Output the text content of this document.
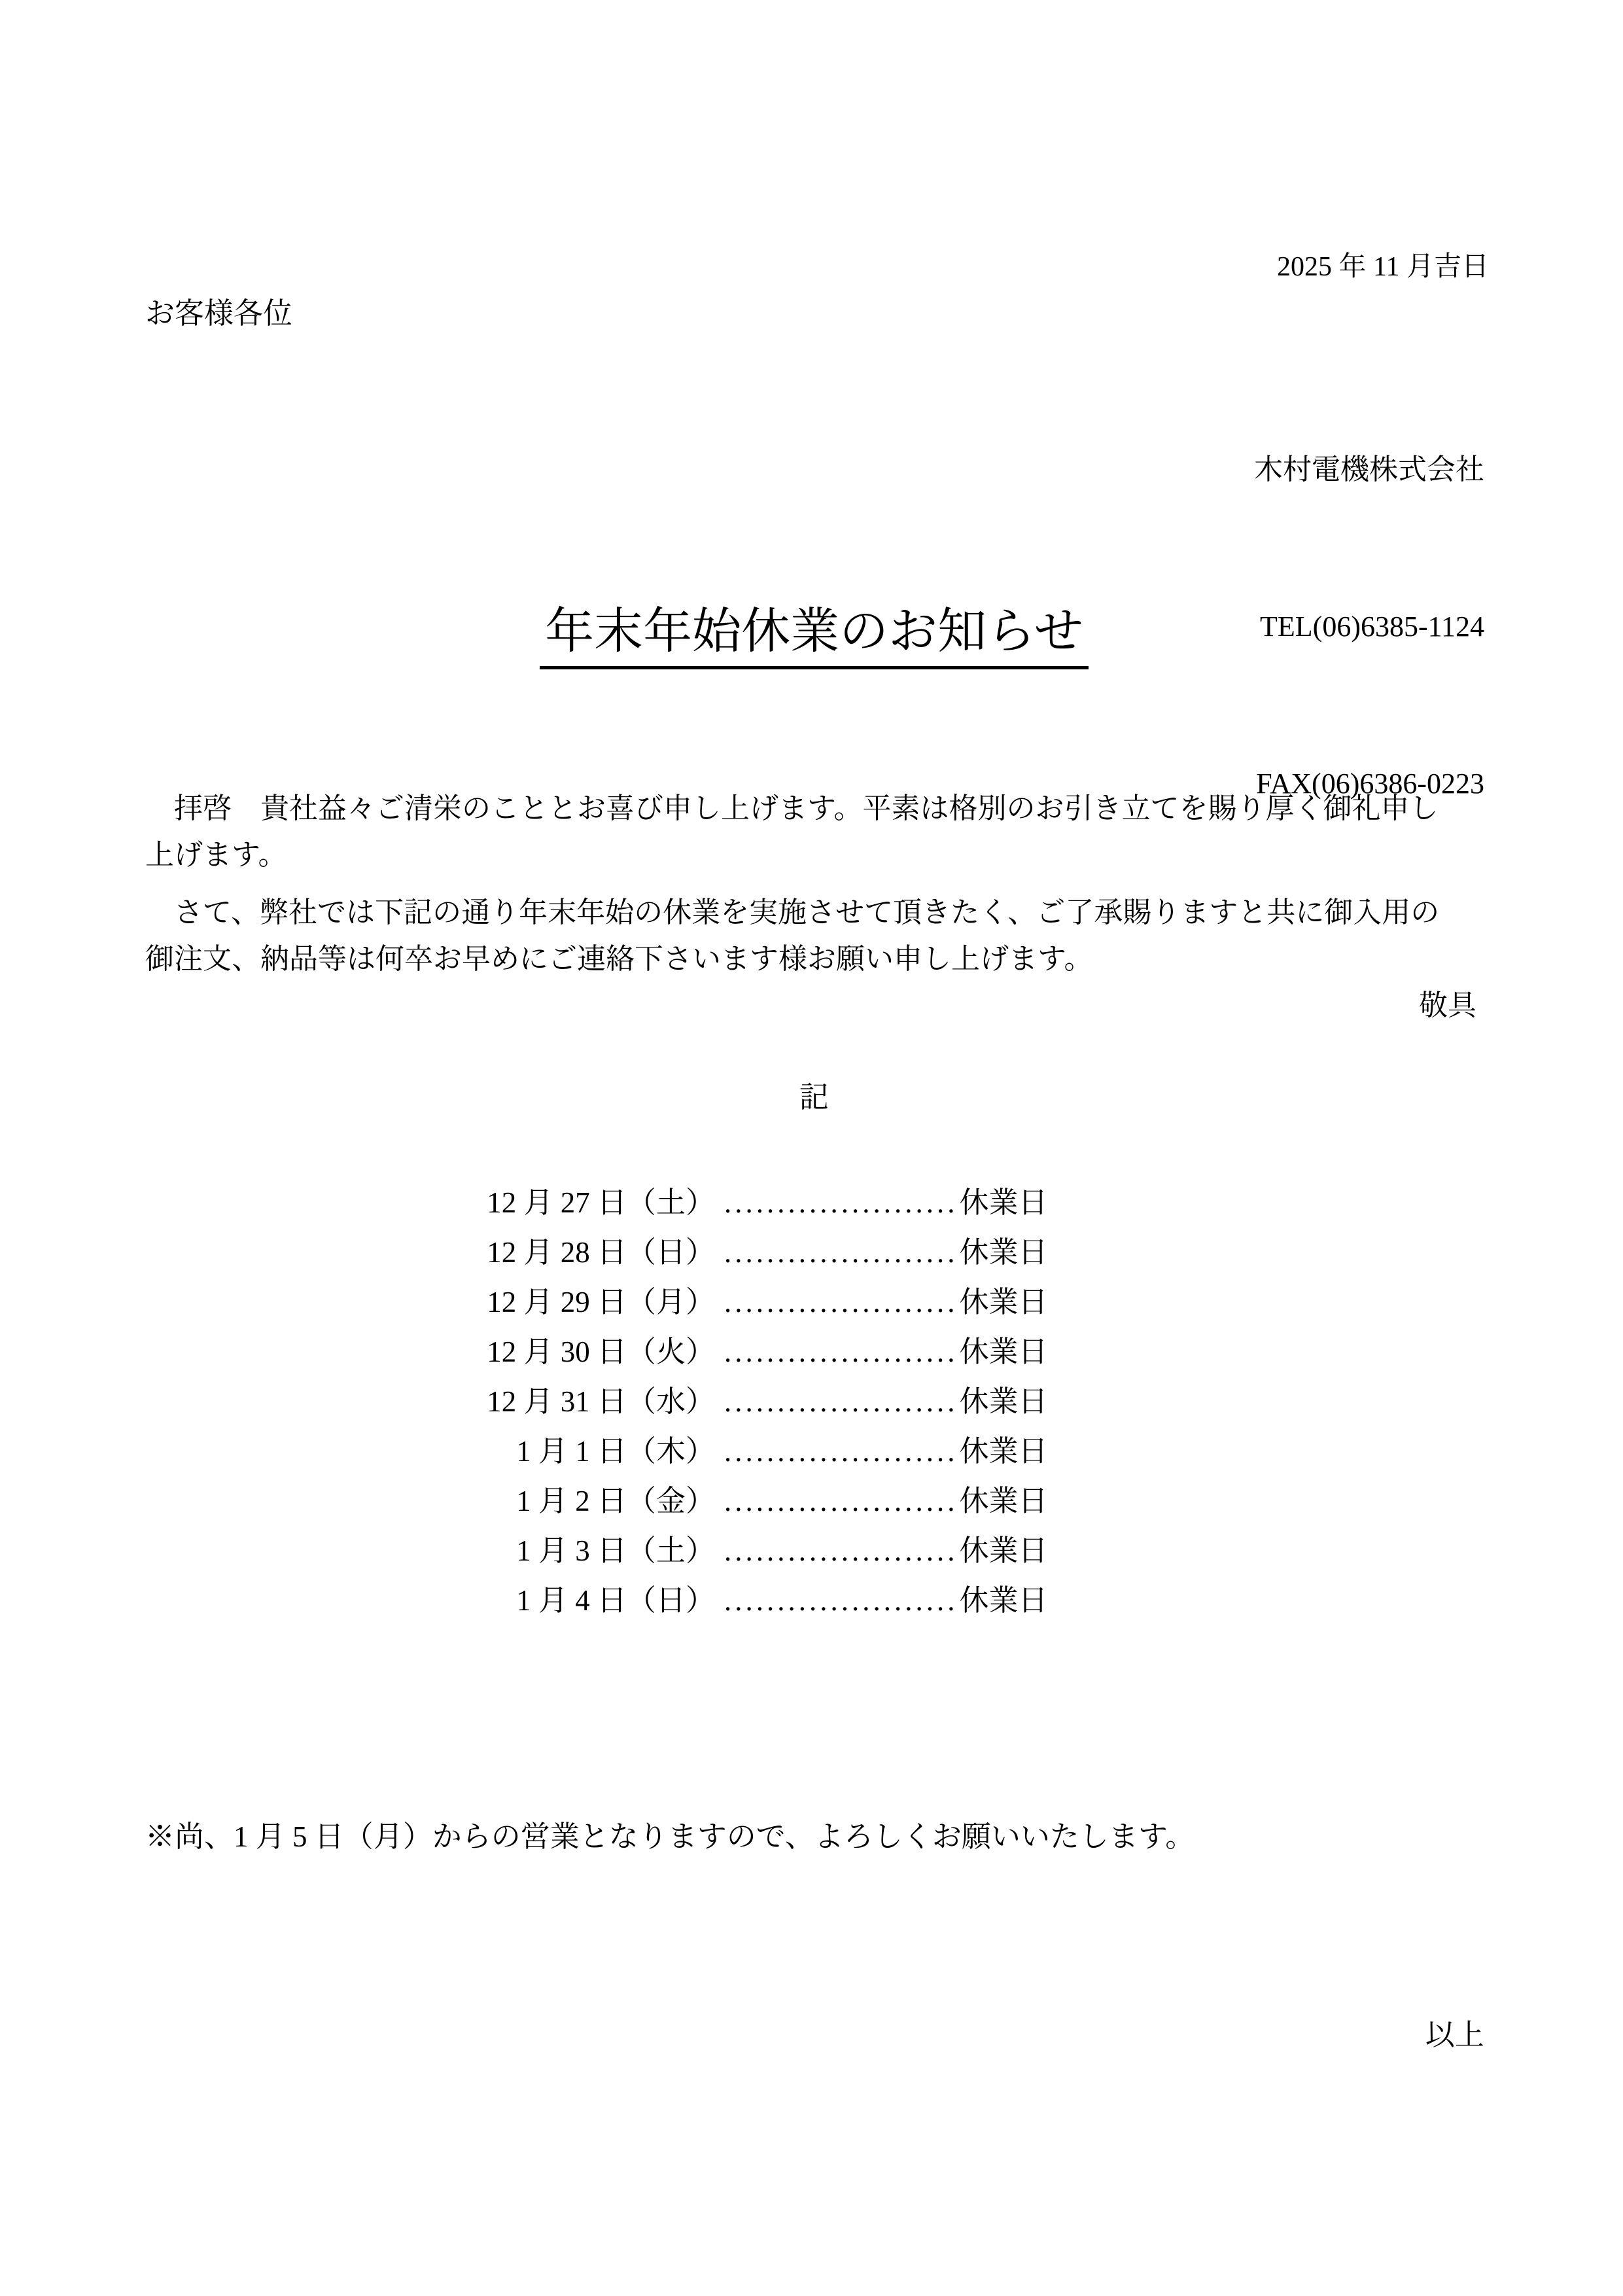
2025 年 11 月吉日
お客様各位

木村電機株式会社

TEL(06)6385-1124

FAX(06)6386-0223

年末年始休業のお知らせ
　拝啓　貴社益々ご清栄のこととお喜び申し上げます。平素は格別のお引き立てを賜り厚く御礼申し
上げます。
　さて、弊社では下記の通り年末年始の休業を実施させて頂きたく、ご了承賜りますと共に御入用の
御注文、納品等は何卒お早めにご連絡下さいます様お願い申し上げます。
敬具
記
12 月 27 日（土） ...................... 休業日
12 月 28 日（日） ...................... 休業日
12 月 29 日（月） ...................... 休業日
12 月 30 日（火） ...................... 休業日
12 月 31 日（水） ...................... 休業日
1 月 1 日（木） ...................... 休業日
1 月 2 日（金） ...................... 休業日
1 月 3 日（土） ...................... 休業日
1 月 4 日（日） ...................... 休業日
※尚、1 月 5 日（月）からの営業となりますので、よろしくお願いいたします。
以上
